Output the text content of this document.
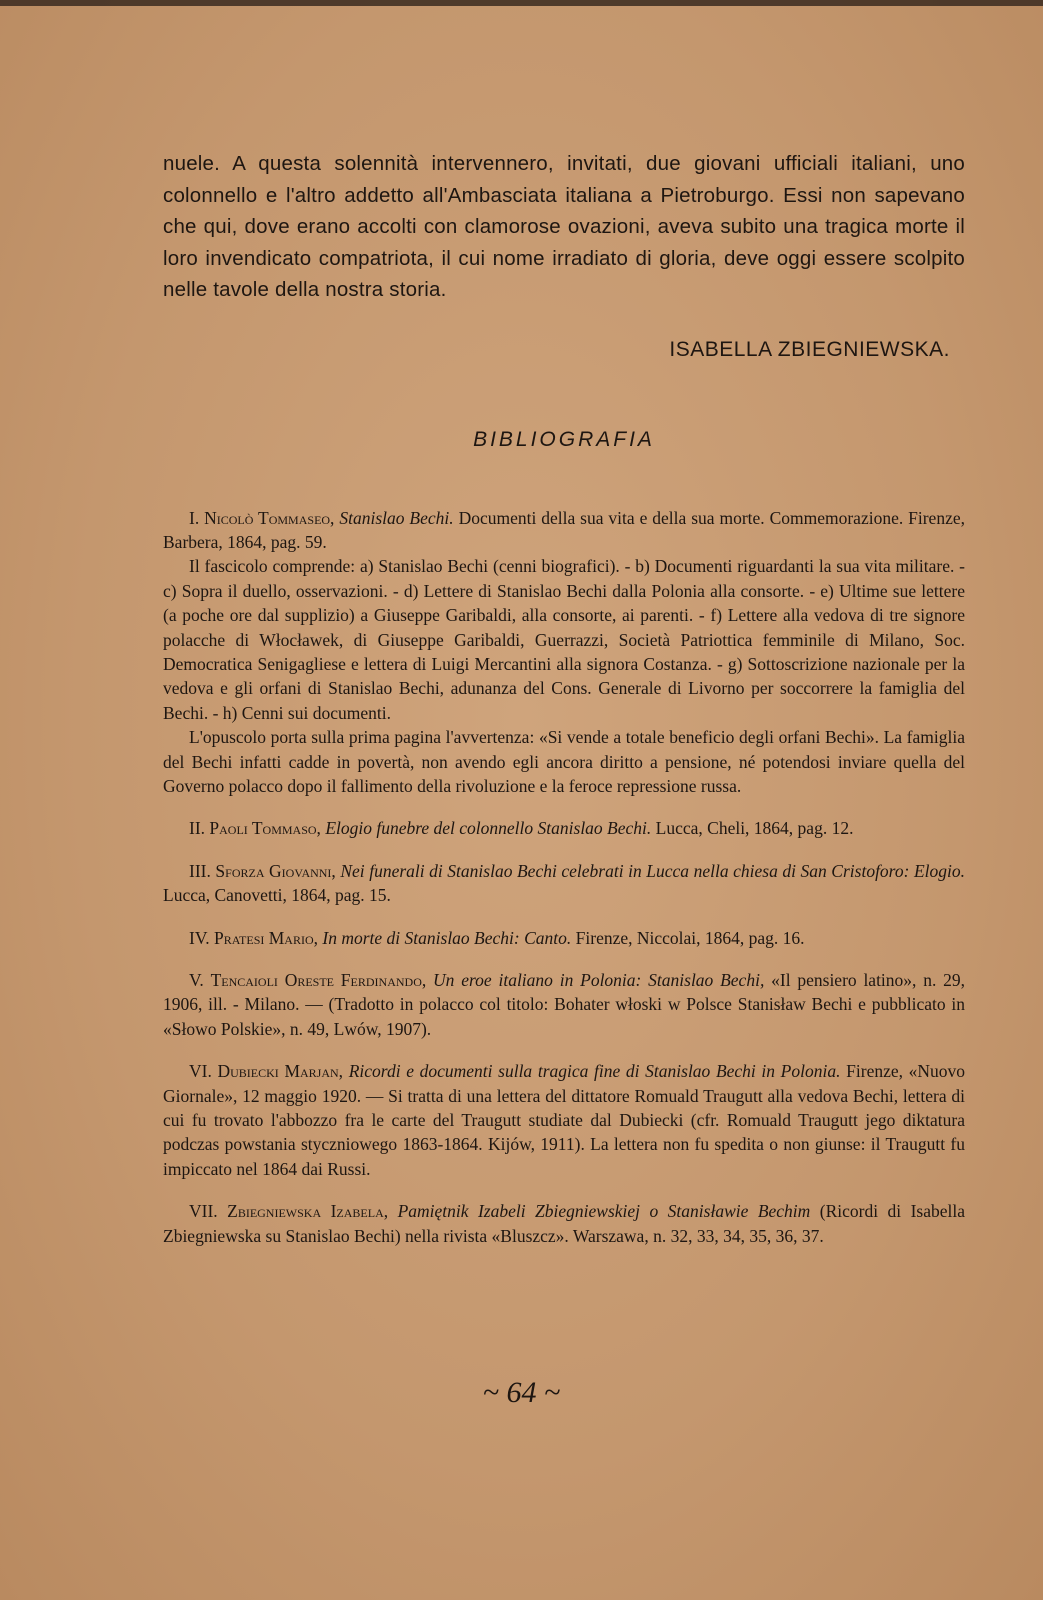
nuele. A questa solennità intervennero, invitati, due giovani ufficiali italiani, uno colonnello e l'altro addetto all'Ambasciata italiana a Pietroburgo. Essi non sapevano che qui, dove erano accolti con clamorose ovazioni, aveva subito una tragica morte il loro invendicato compatriota, il cui nome irradiato di gloria, deve oggi essere scolpito nelle tavole della nostra storia.

ISABELLA ZBIEGNIEWSKA.
BIBLIOGRAFIA

I. Nicolò Tommaseo, Stanislao Bechi. Documenti della sua vita e della sua morte. Commemorazione. Firenze, Barbera, 1864, pag. 59.

Il fascicolo comprende: a) Stanislao Bechi (cenni biografici). - b) Documenti riguardanti la sua vita militare. - c) Sopra il duello, osservazioni. - d) Lettere di Stanislao Bechi dalla Polonia alla consorte. - e) Ultime sue lettere (a poche ore dal supplizio) a Giuseppe Garibaldi, alla consorte, ai parenti. - f) Lettere alla vedova di tre signore polacche di Włocławek, di Giuseppe Garibaldi, Guerrazzi, Società Patriottica femminile di Milano, Soc. Democratica Senigagliese e lettera di Luigi Mercantini alla signora Costanza. - g) Sottoscrizione nazionale per la vedova e gli orfani di Stanislao Bechi, adunanza del Cons. Generale di Livorno per soccorrere la famiglia del Bechi. - h) Cenni sui documenti.

L'opuscolo porta sulla prima pagina l'avvertenza: «Si vende a totale beneficio degli orfani Bechi». La famiglia del Bechi infatti cadde in povertà, non avendo egli ancora diritto a pensione, né potendosi inviare quella del Governo polacco dopo il fallimento della rivoluzione e la feroce repressione russa.

II. Paoli Tommaso, Elogio funebre del colonnello Stanislao Bechi. Lucca, Cheli, 1864, pag. 12.

III. Sforza Giovanni, Nei funerali di Stanislao Bechi celebrati in Lucca nella chiesa di San Cristoforo: Elogio. Lucca, Canovetti, 1864, pag. 15.

IV. Pratesi Mario, In morte di Stanislao Bechi: Canto. Firenze, Niccolai, 1864, pag. 16.

V. Tencaioli Oreste Ferdinando, Un eroe italiano in Polonia: Stanislao Bechi, «Il pensiero latino», n. 29, 1906, ill. - Milano. — (Tradotto in polacco col titolo: Bohater włoski w Polsce Stanisław Bechi e pubblicato in «Słowo Polskie», n. 49, Lwów, 1907).

VI. Dubiecki Marjan, Ricordi e documenti sulla tragica fine di Stanislao Bechi in Polonia. Firenze, «Nuovo Giornale», 12 maggio 1920. — Si tratta di una lettera del dittatore Romuald Traugutt alla vedova Bechi, lettera di cui fu trovato l'abbozzo fra le carte del Traugutt studiate dal Dubiecki (cfr. Romuald Traugutt jego diktatura podczas powstania styczniowego 1863-1864. Kijów, 1911). La lettera non fu spedita o non giunse: il Traugutt fu impiccato nel 1864 dai Russi.

VII. Zbiegniewska Izabela, Pamiętnik Izabeli Zbiegniewskiej o Stanisławie Bechim (Ricordi di Isabella Zbiegniewska su Stanislao Bechi) nella rivista «Bluszcz». Warszawa, n. 32, 33, 34, 35, 36, 37.

~ 64 ~
